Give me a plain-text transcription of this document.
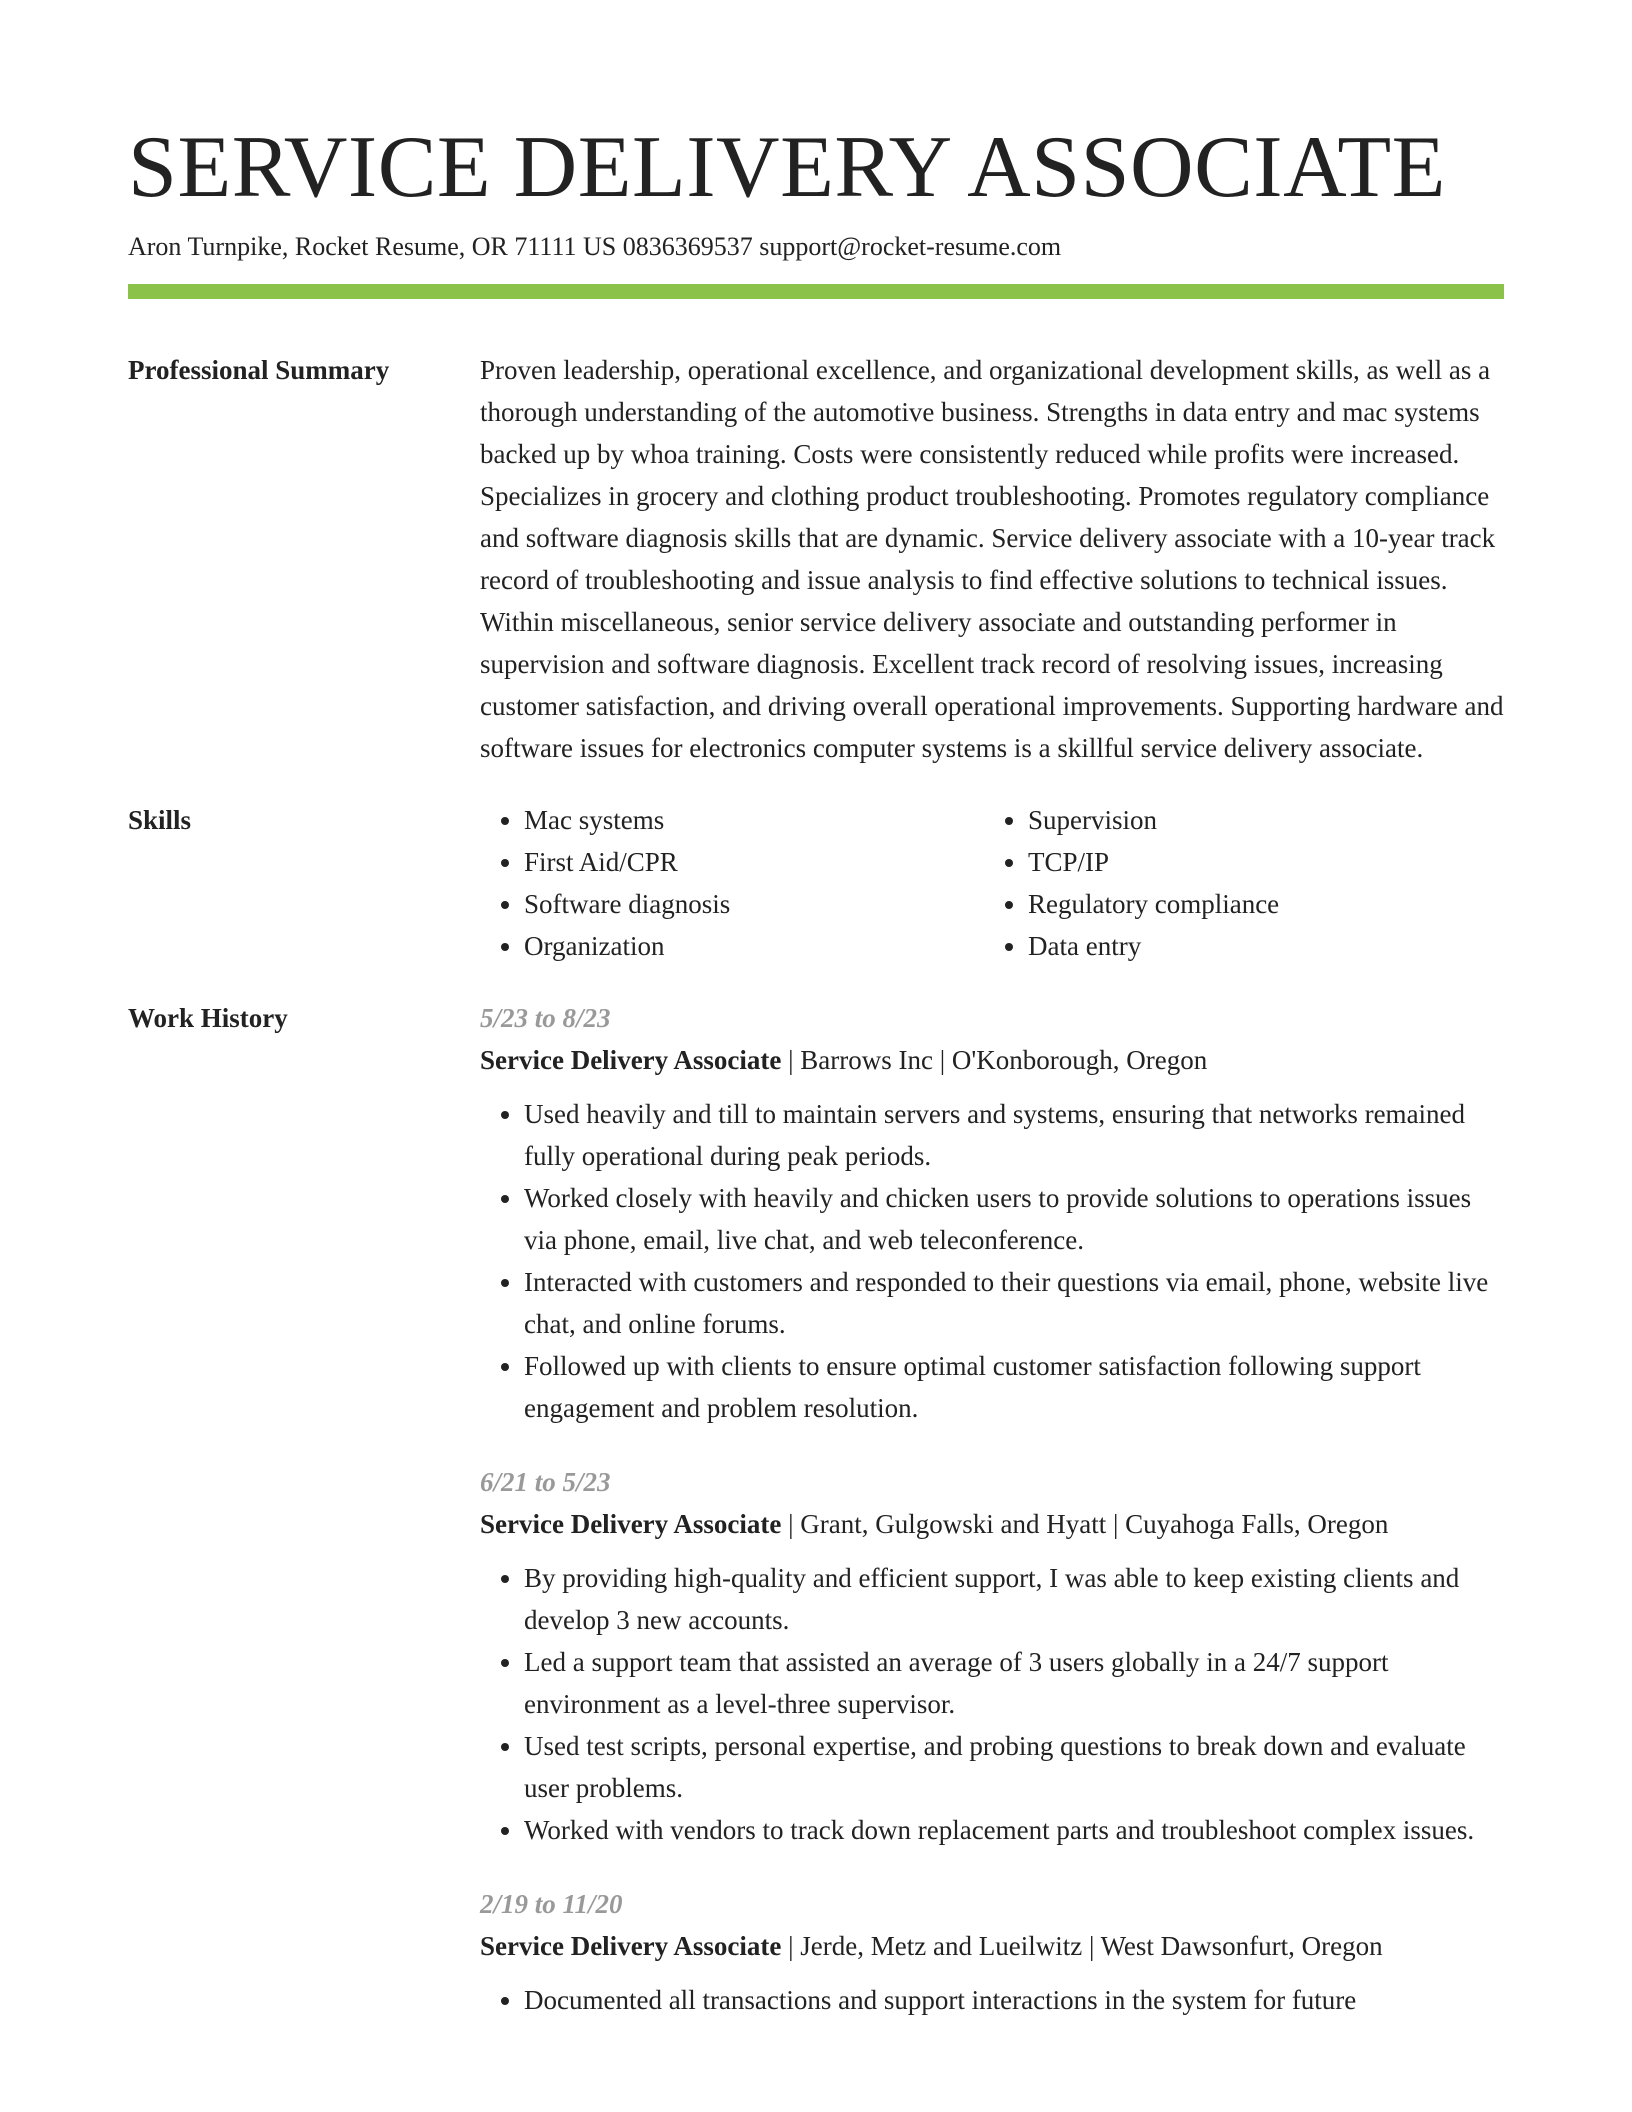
SERVICE DELIVERY ASSOCIATE
Aron Turnpike, Rocket Resume, OR 71111 US 0836369537 support@rocket-resume.com
Professional Summary	Proven leadership, operational excellence, and organizational development skills, as well as a thorough understanding of the automotive business. Strengths in data entry and mac systems backed up by whoa training. Costs were consistently reduced while profits were increased. Specializes in grocery and clothing product troubleshooting. Promotes regulatory compliance and software diagnosis skills that are dynamic. Service delivery associate with a 10-year track record of troubleshooting and issue analysis to find effective solutions to technical issues. Within miscellaneous, senior service delivery associate and outstanding performer in supervision and software diagnosis. Excellent track record of resolving issues, increasing customer satisfaction, and driving overall operational improvements. Supporting hardware and software issues for electronics computer systems is a skillful service delivery associate.

Skills
•	Mac systems
• First Aid/CPR
• Software diagnosis
• Organization
• Supervision
• TCP/IP
• Regulatory compliance
• Data entry
Work History	5/23 to 8/23
Service Delivery Associate | Barrows Inc | O'Konborough, Oregon
• Used heavily and till to maintain servers and systems, ensuring that networks remained fully operational during peak periods.
• Worked closely with heavily and chicken users to provide solutions to operations issues via phone, email, live chat, and web teleconference.
• Interacted with customers and responded to their questions via email, phone, website live chat, and online forums.
• Followed up with clients to ensure optimal customer satisfaction following support engagement and problem resolution.
6/21 to 5/23
Service Delivery Associate | Grant, Gulgowski and Hyatt | Cuyahoga Falls, Oregon
• By providing high-quality and efficient support, I was able to keep existing clients and develop 3 new accounts.
• Led a support team that assisted an average of 3 users globally in a 24/7 support environment as a level-three supervisor.
• Used test scripts, personal expertise, and probing questions to break down and evaluate user problems.
• Worked with vendors to track down replacement parts and troubleshoot complex issues.
2/19 to 11/20
Service Delivery Associate | Jerde, Metz and Lueilwitz | West Dawsonfurt, Oregon
• Documented all transactions and support interactions in the system for future
